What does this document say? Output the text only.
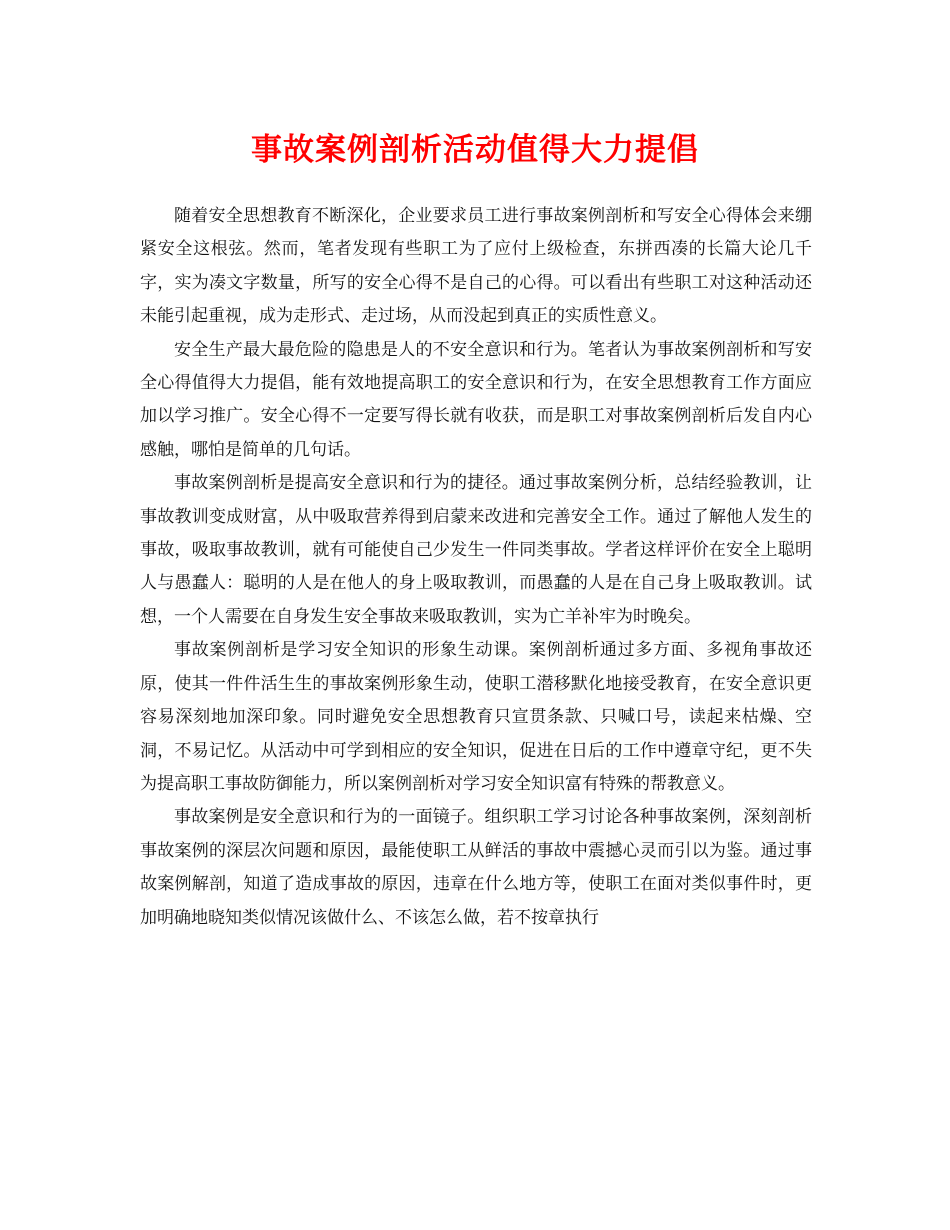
事故案例剖析活动值得大力提倡

随着安全思想教育不断深化，企业要求员工进行事故案例剖析和写安全心得体会来绷紧安全这根弦。然而，笔者发现有些职工为了应付上级检查，东拼西凑的长篇大论几千字，实为凑文字数量，所写的安全心得不是自己的心得。可以看出有些职工对这种活动还未能引起重视，成为走形式、走过场，从而没起到真正的实质性意义。

安全生产最大最危险的隐患是人的不安全意识和行为。笔者认为事故案例剖析和写安全心得值得大力提倡，能有效地提高职工的安全意识和行为，在安全思想教育工作方面应加以学习推广。安全心得不一定要写得长就有收获，而是职工对事故案例剖析后发自内心感触，哪怕是简单的几句话。

事故案例剖析是提高安全意识和行为的捷径。通过事故案例分析，总结经验教训，让事故教训变成财富，从中吸取营养得到启蒙来改进和完善安全工作。通过了解他人发生的事故，吸取事故教训，就有可能使自己少发生一件同类事故。学者这样评价在安全上聪明人与愚蠢人：聪明的人是在他人的身上吸取教训，而愚蠢的人是在自己身上吸取教训。试想，一个人需要在自身发生安全事故来吸取教训，实为亡羊补牢为时晚矣。

事故案例剖析是学习安全知识的形象生动课。案例剖析通过多方面、多视角事故还原，使其一件件活生生的事故案例形象生动，使职工潜移默化地接受教育，在安全意识更容易深刻地加深印象。同时避免安全思想教育只宣贯条款、只喊口号，读起来枯燥、空洞，不易记忆。从活动中可学到相应的安全知识，促进在日后的工作中遵章守纪，更不失为提高职工事故防御能力，所以案例剖析对学习安全知识富有特殊的帮教意义。

事故案例是安全意识和行为的一面镜子。组织职工学习讨论各种事故案例，深刻剖析事故案例的深层次问题和原因，最能使职工从鲜活的事故中震撼心灵而引以为鉴。通过事故案例解剖，知道了造成事故的原因，违章在什么地方等，使职工在面对类似事件时，更加明确地晓知类似情况该做什么、不该怎么做，若不按章执行
